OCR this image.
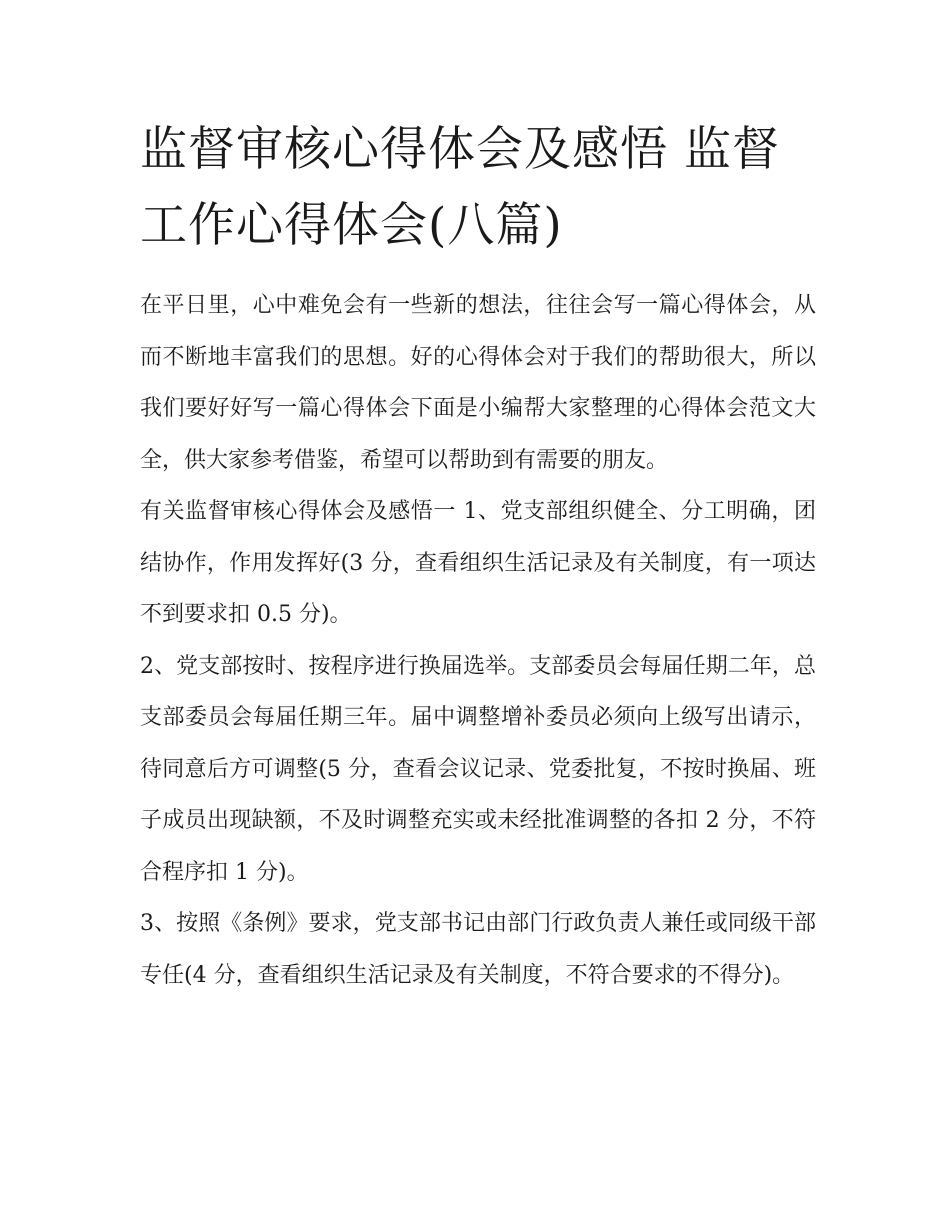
监督审核心得体会及感悟 监督工作心得体会(八篇)

在平日里，心中难免会有一些新的想法，往往会写一篇心得体会，从而不断地丰富我们的思想。好的心得体会对于我们的帮助很大，所以我们要好好写一篇心得体会下面是小编帮大家整理的心得体会范文大全，供大家参考借鉴，希望可以帮助到有需要的朋友。

有关监督审核心得体会及感悟一 1、党支部组织健全、分工明确，团结协作，作用发挥好(3 分，查看组织生活记录及有关制度，有一项达不到要求扣 0.5 分)。

2、党支部按时、按程序进行换届选举。支部委员会每届任期二年，总支部委员会每届任期三年。届中调整增补委员必须向上级写出请示，待同意后方可调整(5 分，查看会议记录、党委批复，不按时换届、班子成员出现缺额，不及时调整充实或未经批准调整的各扣 2 分，不符合程序扣 1 分)。

3、按照《条例》要求，党支部书记由部门行政负责人兼任或同级干部专任(4 分，查看组织生活记录及有关制度，不符合要求的不得分)。
